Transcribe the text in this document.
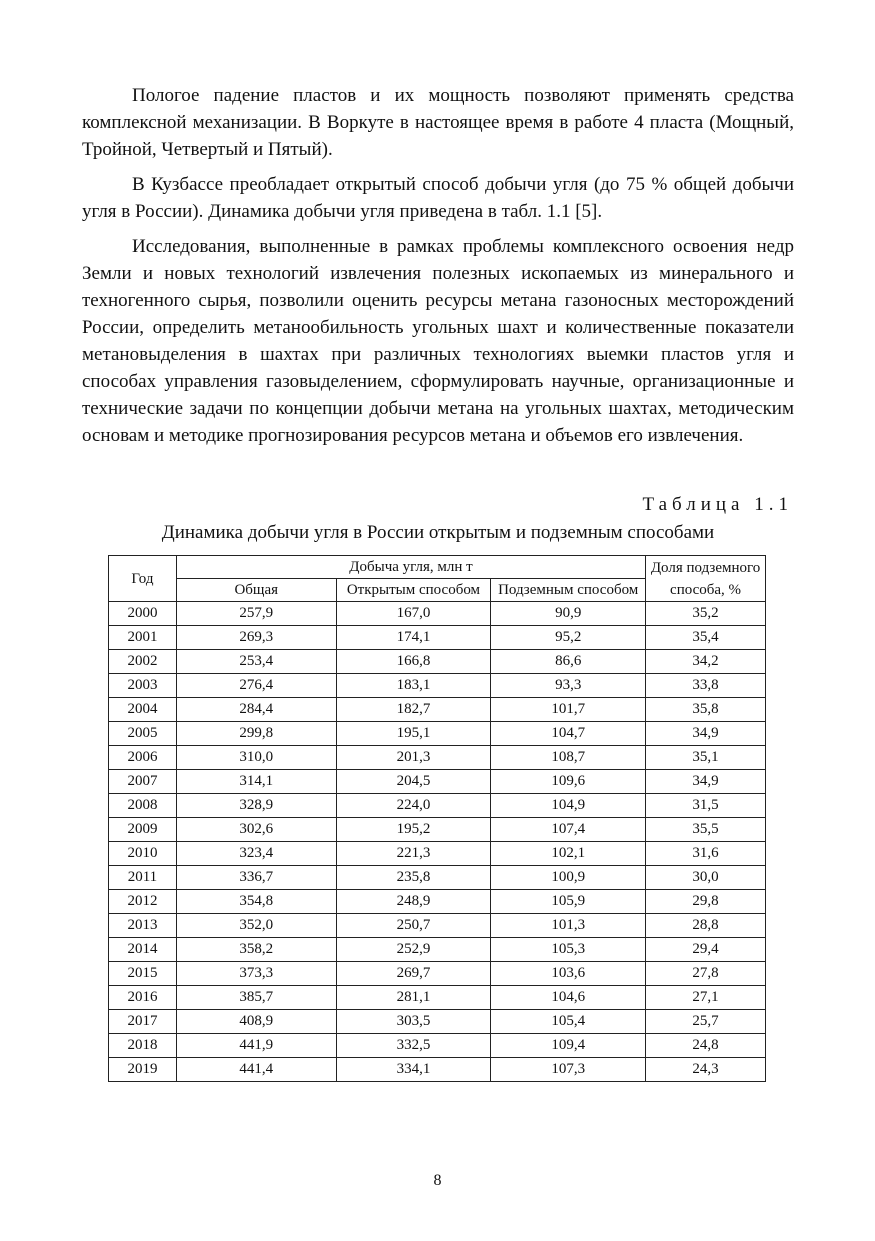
Пологое падение пластов и их мощность позволяют применять средства комплексной механизации. В Воркуте в настоящее время в работе 4 пласта (Мощный, Тройной, Четвертый и Пятый).

В Кузбассе преобладает открытый способ добычи угля (до 75 % общей добычи угля в России). Динамика добычи угля приведена в табл. 1.1 [5].

Исследования, выполненные в рамках проблемы комплексного освоения недр Земли и новых технологий извлечения полезных ископаемых из минерального и техногенного сырья, позволили оценить ресурсы метана газоносных месторождений России, определить метанообильность угольных шахт и количественные показатели метановыделения в шахтах при различных технологиях выемки пластов угля и способах управления газовыделением, сформулировать научные, организационные и технические задачи по концепции добычи метана на угольных шахтах, методическим основам и методике прогнозирования ресурсов метана и объемов его извлечения.

Таблица 1.1
Динамика добычи угля в России открытым и подземным способами
Год	Добыча угля, млн т			Доля подземного способа, %
	Общая	Открытым способом	Подземным способом	
2000	257,9	167,0	90,9	35,2
2001	269,3	174,1	95,2	35,4
2002	253,4	166,8	86,6	34,2
2003	276,4	183,1	93,3	33,8
2004	284,4	182,7	101,7	35,8
2005	299,8	195,1	104,7	34,9
2006	310,0	201,3	108,7	35,1
2007	314,1	204,5	109,6	34,9
2008	328,9	224,0	104,9	31,5
2009	302,6	195,2	107,4	35,5
2010	323,4	221,3	102,1	31,6
2011	336,7	235,8	100,9	30,0
2012	354,8	248,9	105,9	29,8
2013	352,0	250,7	101,3	28,8
2014	358,2	252,9	105,3	29,4
2015	373,3	269,7	103,6	27,8
2016	385,7	281,1	104,6	27,1
2017	408,9	303,5	105,4	25,7
2018	441,9	332,5	109,4	24,8
2019	441,4	334,1	107,3	24,3
8
